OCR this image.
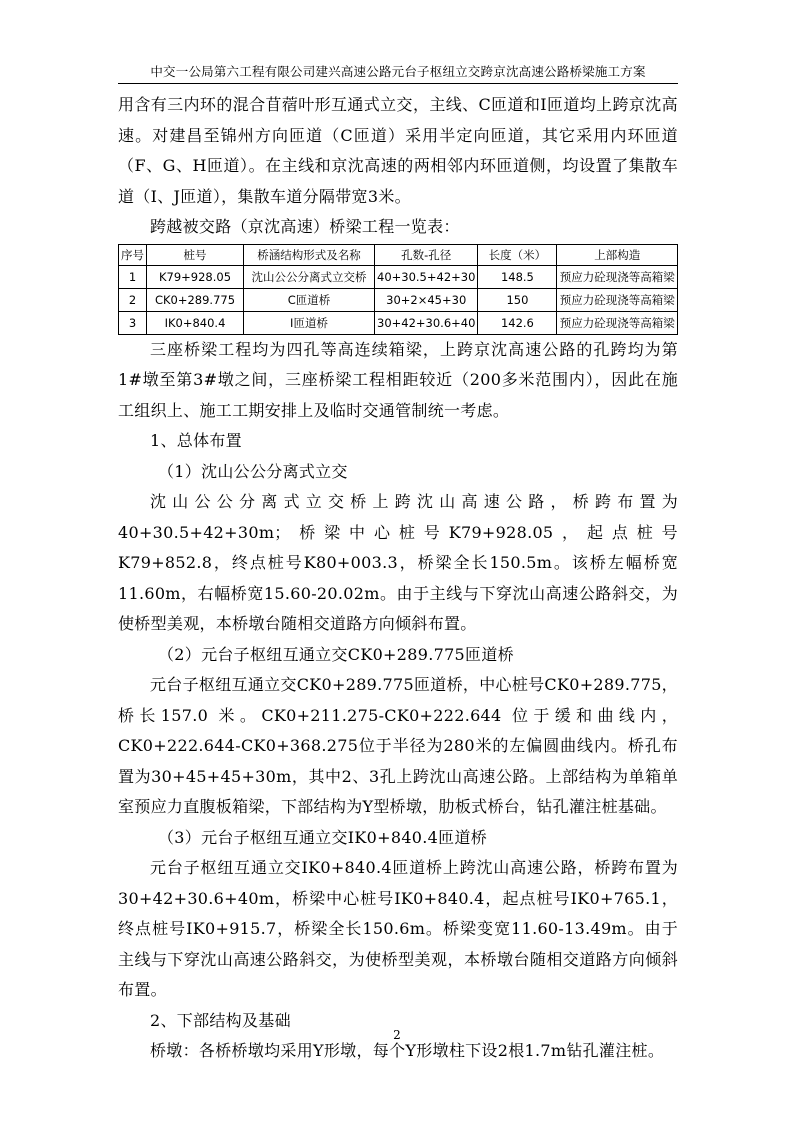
中交一公局第六工程有限公司建兴高速公路元台子枢纽立交跨京沈高速公路桥梁施工方案

用含有三内环的混合苜蓿叶形互通式立交，主线、C匝道和Ⅰ匝道均上跨京沈高速。对建昌至锦州方向匝道（C匝道）采用半定向匝道，其它采用内环匝道（F、G、H匝道）。在主线和京沈高速的两相邻内环匝道侧，均设置了集散车道（I、J匝道），集散车道分隔带宽3米。

跨越被交路（京沈高速）桥梁工程一览表：

序号	桩号	桥涵结构形式及名称	孔数-孔径	长度（米）	上部构造
1	K79+928.05	沈山公公分离式立交桥	40+30.5+42+30	148.5	预应力砼现浇等高箱梁
2	CK0+289.775	C匝道桥	30+2×45+30	150	预应力砼现浇等高箱梁
3	IK0+840.4	Ⅰ匝道桥	30+42+30.6+40	142.6	预应力砼现浇等高箱梁

三座桥梁工程均为四孔等高连续箱梁，上跨京沈高速公路的孔跨均为第1#墩至第3#墩之间，三座桥梁工程相距较近（200多米范围内），因此在施工组织上、施工工期安排上及临时交通管制统一考虑。

1、总体布置

（1）沈山公公分离式立交

沈山公公分离式立交桥上跨沈山高速公路，桥跨布置为40+30.5+42+30m；桥梁中心桩号K79+928.05，起点桩号K79+852.8，终点桩号K80+003.3，桥梁全长150.5m。该桥左幅桥宽11.60m，右幅桥宽15.60-20.02m。由于主线与下穿沈山高速公路斜交，为使桥型美观，本桥墩台随相交道路方向倾斜布置。

（2）元台子枢纽互通立交CK0+289.775匝道桥

元台子枢纽互通立交CK0+289.775匝道桥，中心桩号CK0+289.775，桥长157.0 米。CK0+211.275-CK0+222.644 位于缓和曲线内，CK0+222.644-CK0+368.275位于半径为280米的左偏圆曲线内。桥孔布置为30+45+45+30m，其中2、3孔上跨沈山高速公路。上部结构为单箱单室预应力直腹板箱梁，下部结构为Y型桥墩，肋板式桥台，钻孔灌注桩基础。

（3）元台子枢纽互通立交IK0+840.4匝道桥

元台子枢纽互通立交IK0+840.4匝道桥上跨沈山高速公路，桥跨布置为30+42+30.6+40m，桥梁中心桩号IK0+840.4，起点桩号IK0+765.1，终点桩号IK0+915.7，桥梁全长150.6m。桥梁变宽11.60-13.49m。由于主线与下穿沈山高速公路斜交，为使桥型美观，本桥墩台随相交道路方向倾斜布置。

2、下部结构及基础

桥墩：各桥桥墩均采用Y形墩，每个Y形墩柱下设2根1.7m钻孔灌注桩。

2
